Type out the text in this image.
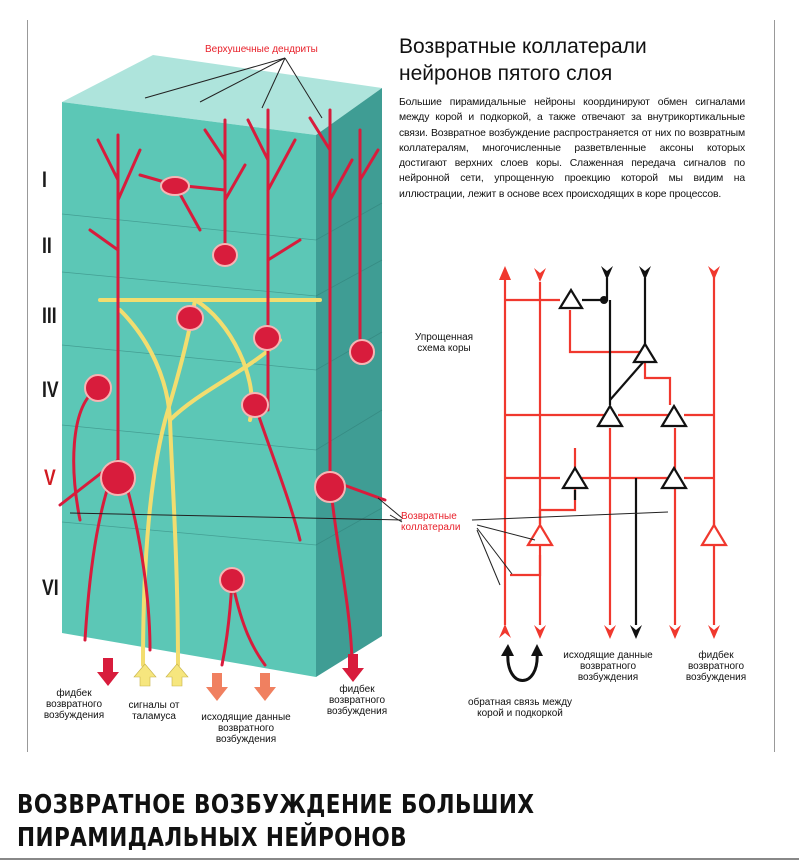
Верхушечные дендриты
I
II
III
IV
V
VI
Возвратные
коллатерали
фидбек
возвратного
возбуждения
сигналы от
таламуса	исходящие данные
возвратного
возбуждения
фидбек
возвратного
возбуждения
Возвратные коллатерали
нейронов пятого слоя

Большие пирамидальные нейроны координируют обмен сигналами между корой и подкоркой, а также отвечают за внутрикортикальные связи. Возвратное возбуждение распространяется от них по возвратным коллатералям, многочисленные разветвленные аксоны которых достигают верхних слоев коры. Слаженная передача сигналов по нейронной сети, упрощенную проекцию которой мы видим на иллюстрации, лежит в основе всех происходящих в коре процессов.

Упрощенная
схема коры
обратная связь между
корой и подкоркой
исходящие данные
возвратного
возбуждения
фидбек
возвратного
возбуждения
ВОЗВРАТНОЕ ВОЗБУЖДЕНИЕ БОЛЬШИХ
ПИРАМИДАЛЬНЫХ НЕЙРОНОВ
